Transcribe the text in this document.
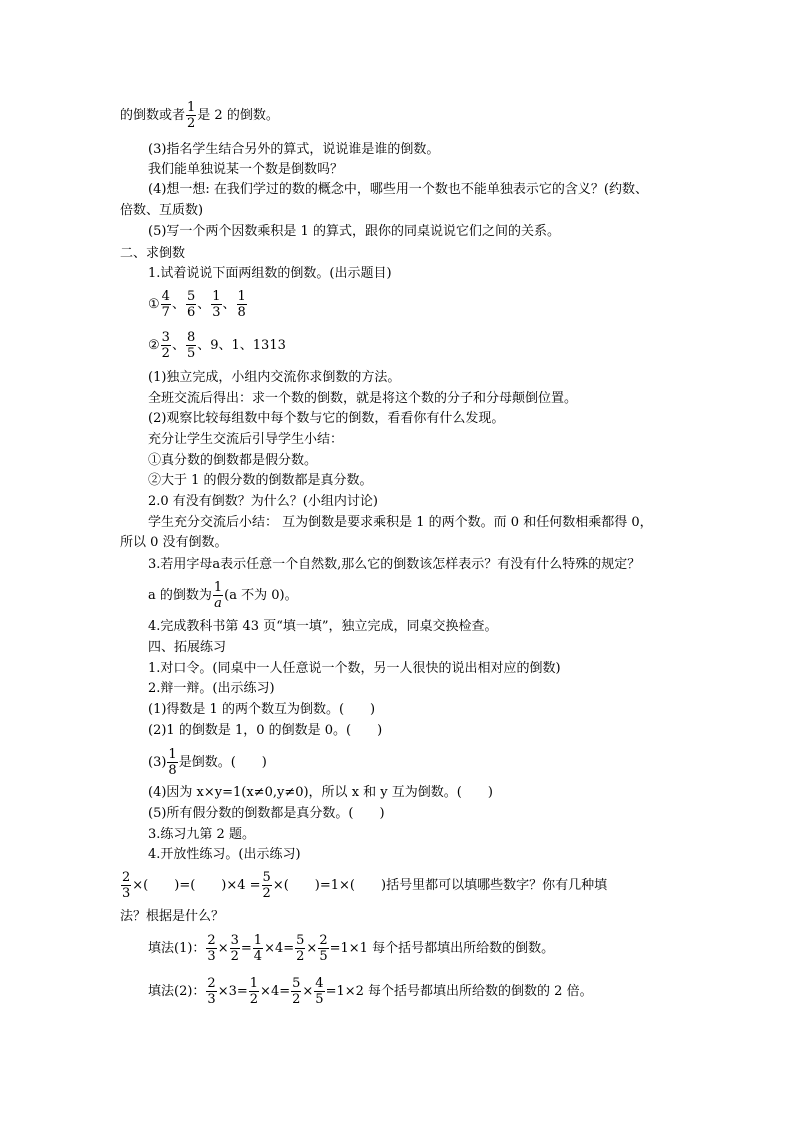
的倒数或者 $\frac{1}{2}$ 是 2 的倒数。
(3)指名学生结合另外的算式，说说谁是谁的倒数。
我们能单独说某一个数是倒数吗？
(4)想一想: 在我们学过的数的概念中，哪些用一个数也不能单独表示它的含义？(约数、
倍数、互质数)
(5)写一个两个因数乘积是 1 的算式，跟你的同桌说说它们之间的关系。
二、求倒数
1.试着说说下面两组数的倒数。(出示题目)
① $\frac{4}{7}$ 、 $\frac{5}{6}$ 、 $\frac{1}{3}$ 、 $\frac{1}{8}$
② $\frac{3}{2}$ 、 $\frac{8}{5}$ 、9、1、1313
(1)独立完成，小组内交流你求倒数的方法。
全班交流后得出：求一个数的倒数，就是将这个数的分子和分母颠倒位置。
(2)观察比较每组数中每个数与它的倒数，看看你有什么发现。
充分让学生交流后引导学生小结：
①真分数的倒数都是假分数。
②大于 1 的假分数的倒数都是真分数。
2.0 有没有倒数？为什么？(小组内讨论)
学生充分交流后小结： 互为倒数是要求乘积是 1 的两个数。而 0 和任何数相乘都得 0，
所以 0 没有倒数。
3.若用字母a表示任意一个自然数,那么它的倒数该怎样表示？有没有什么特殊的规定？
a 的倒数为 $\frac{1}{a} (a$ 不为 0)。
4.完成教科书第 43 页“填一填”，独立完成，同桌交换检查。
四、拓展练习
1.对口令。(同桌中一人任意说一个数，另一人很快的说出相对应的倒数)
2.辩一辩。(出示练习)
(1)得数是 1 的两个数互为倒数。(　　)
(2)1 的倒数是 1，0 的倒数是 0。(　　)
$(3) \frac{1}{8}$ 是倒数。(　　)
(4)因为 x×y=1(x≠0,y≠0)，所以 x 和 y 互为倒数。(　　)
(5)所有假分数的倒数都是真分数。(　　)
3.练习九第 2 题。
4.开放性练习。(出示练习)
$\frac{2}{3}$ ×(　　)=(　　)$\times 4 = \frac{5}{2}$ ×(　　)=1×(　　)括号里都可以填哪些数字？你有几种填
法？根据是什么？
填法(1)： $\frac{2}{3} \times \frac{3}{2} = \frac{1}{4} \times 4= \frac{5}{2} \times \frac{2}{5} =1\times 1$ 每个括号都填出所给数的倒数。
填法(2)： $\frac{2}{3} \times 3= \frac{1}{2} \times 4= \frac{5}{2} \times \frac{4}{5} =1\times 2$ 每个括号都填出所给数的倒数的 2 倍。
